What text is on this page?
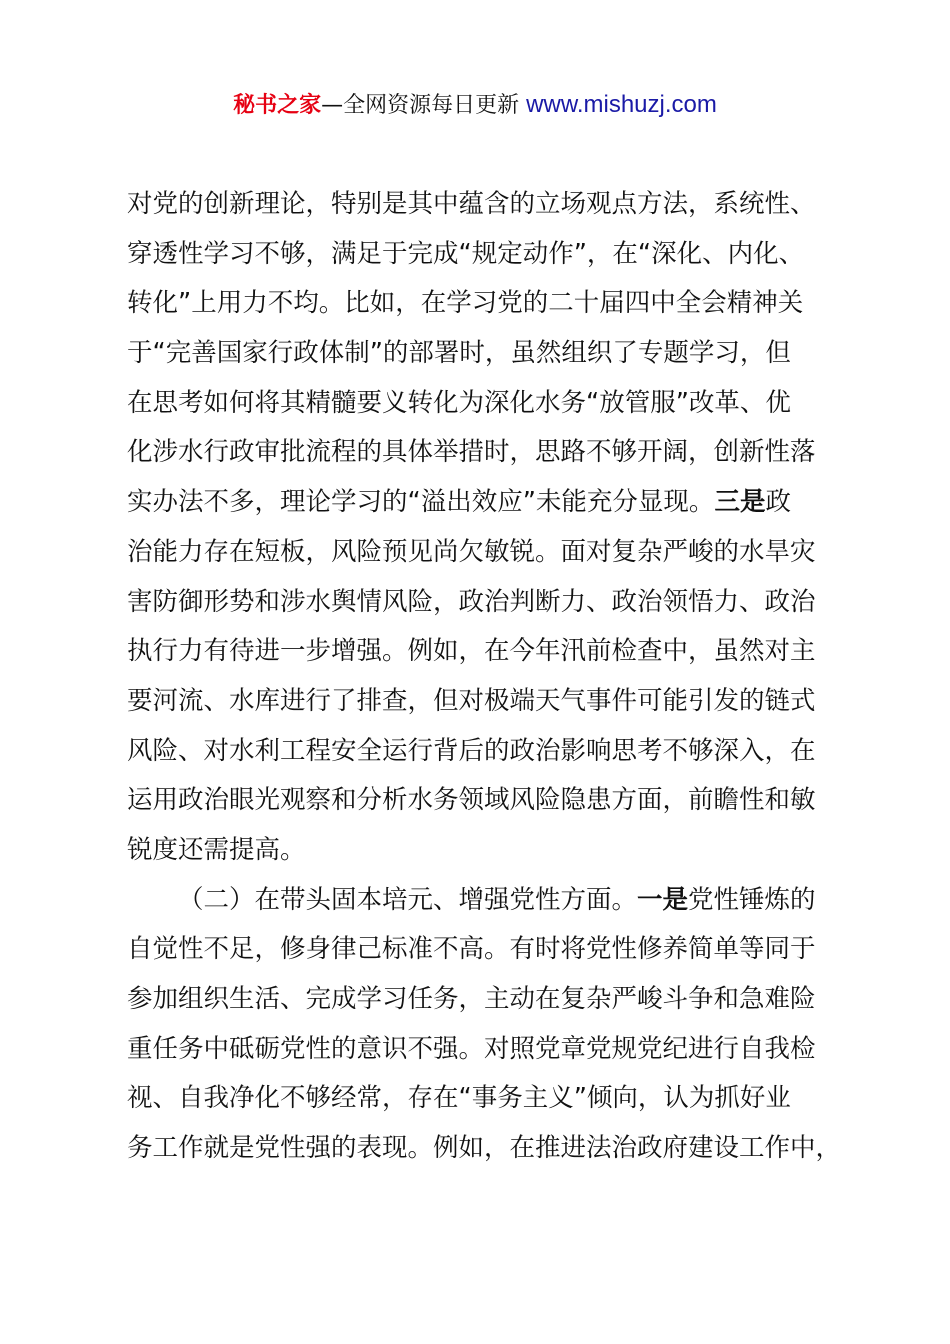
秘书之家—全网资源每日更新 www.mishuzj.com
对党的创新理论，特别是其中蕴含的立场观点方法，系统性、
穿透性学习不够，满足于完成“规定动作”，在“深化、内化、
转化”上用力不均。比如，在学习党的二十届四中全会精神关
于“完善国家行政体制”的部署时，虽然组织了专题学习，但
在思考如何将其精髓要义转化为深化水务“放管服”改革、优
化涉水行政审批流程的具体举措时，思路不够开阔，创新性落
实办法不多，理论学习的“溢出效应”未能充分显现。三是政
治能力存在短板，风险预见尚欠敏锐。面对复杂严峻的水旱灾
害防御形势和涉水舆情风险，政治判断力、政治领悟力、政治
执行力有待进一步增强。例如，在今年汛前检查中，虽然对主
要河流、水库进行了排查，但对极端天气事件可能引发的链式
风险、对水利工程安全运行背后的政治影响思考不够深入，在
运用政治眼光观察和分析水务领域风险隐患方面，前瞻性和敏
锐度还需提高。
（二）在带头固本培元、增强党性方面。一是党性锤炼的
自觉性不足，修身律己标准不高。有时将党性修养简单等同于
参加组织生活、完成学习任务，主动在复杂严峻斗争和急难险
重任务中砥砺党性的意识不强。对照党章党规党纪进行自我检
视、自我净化不够经常，存在“事务主义”倾向，认为抓好业
务工作就是党性强的表现。例如，在推进法治政府建设工作中，
